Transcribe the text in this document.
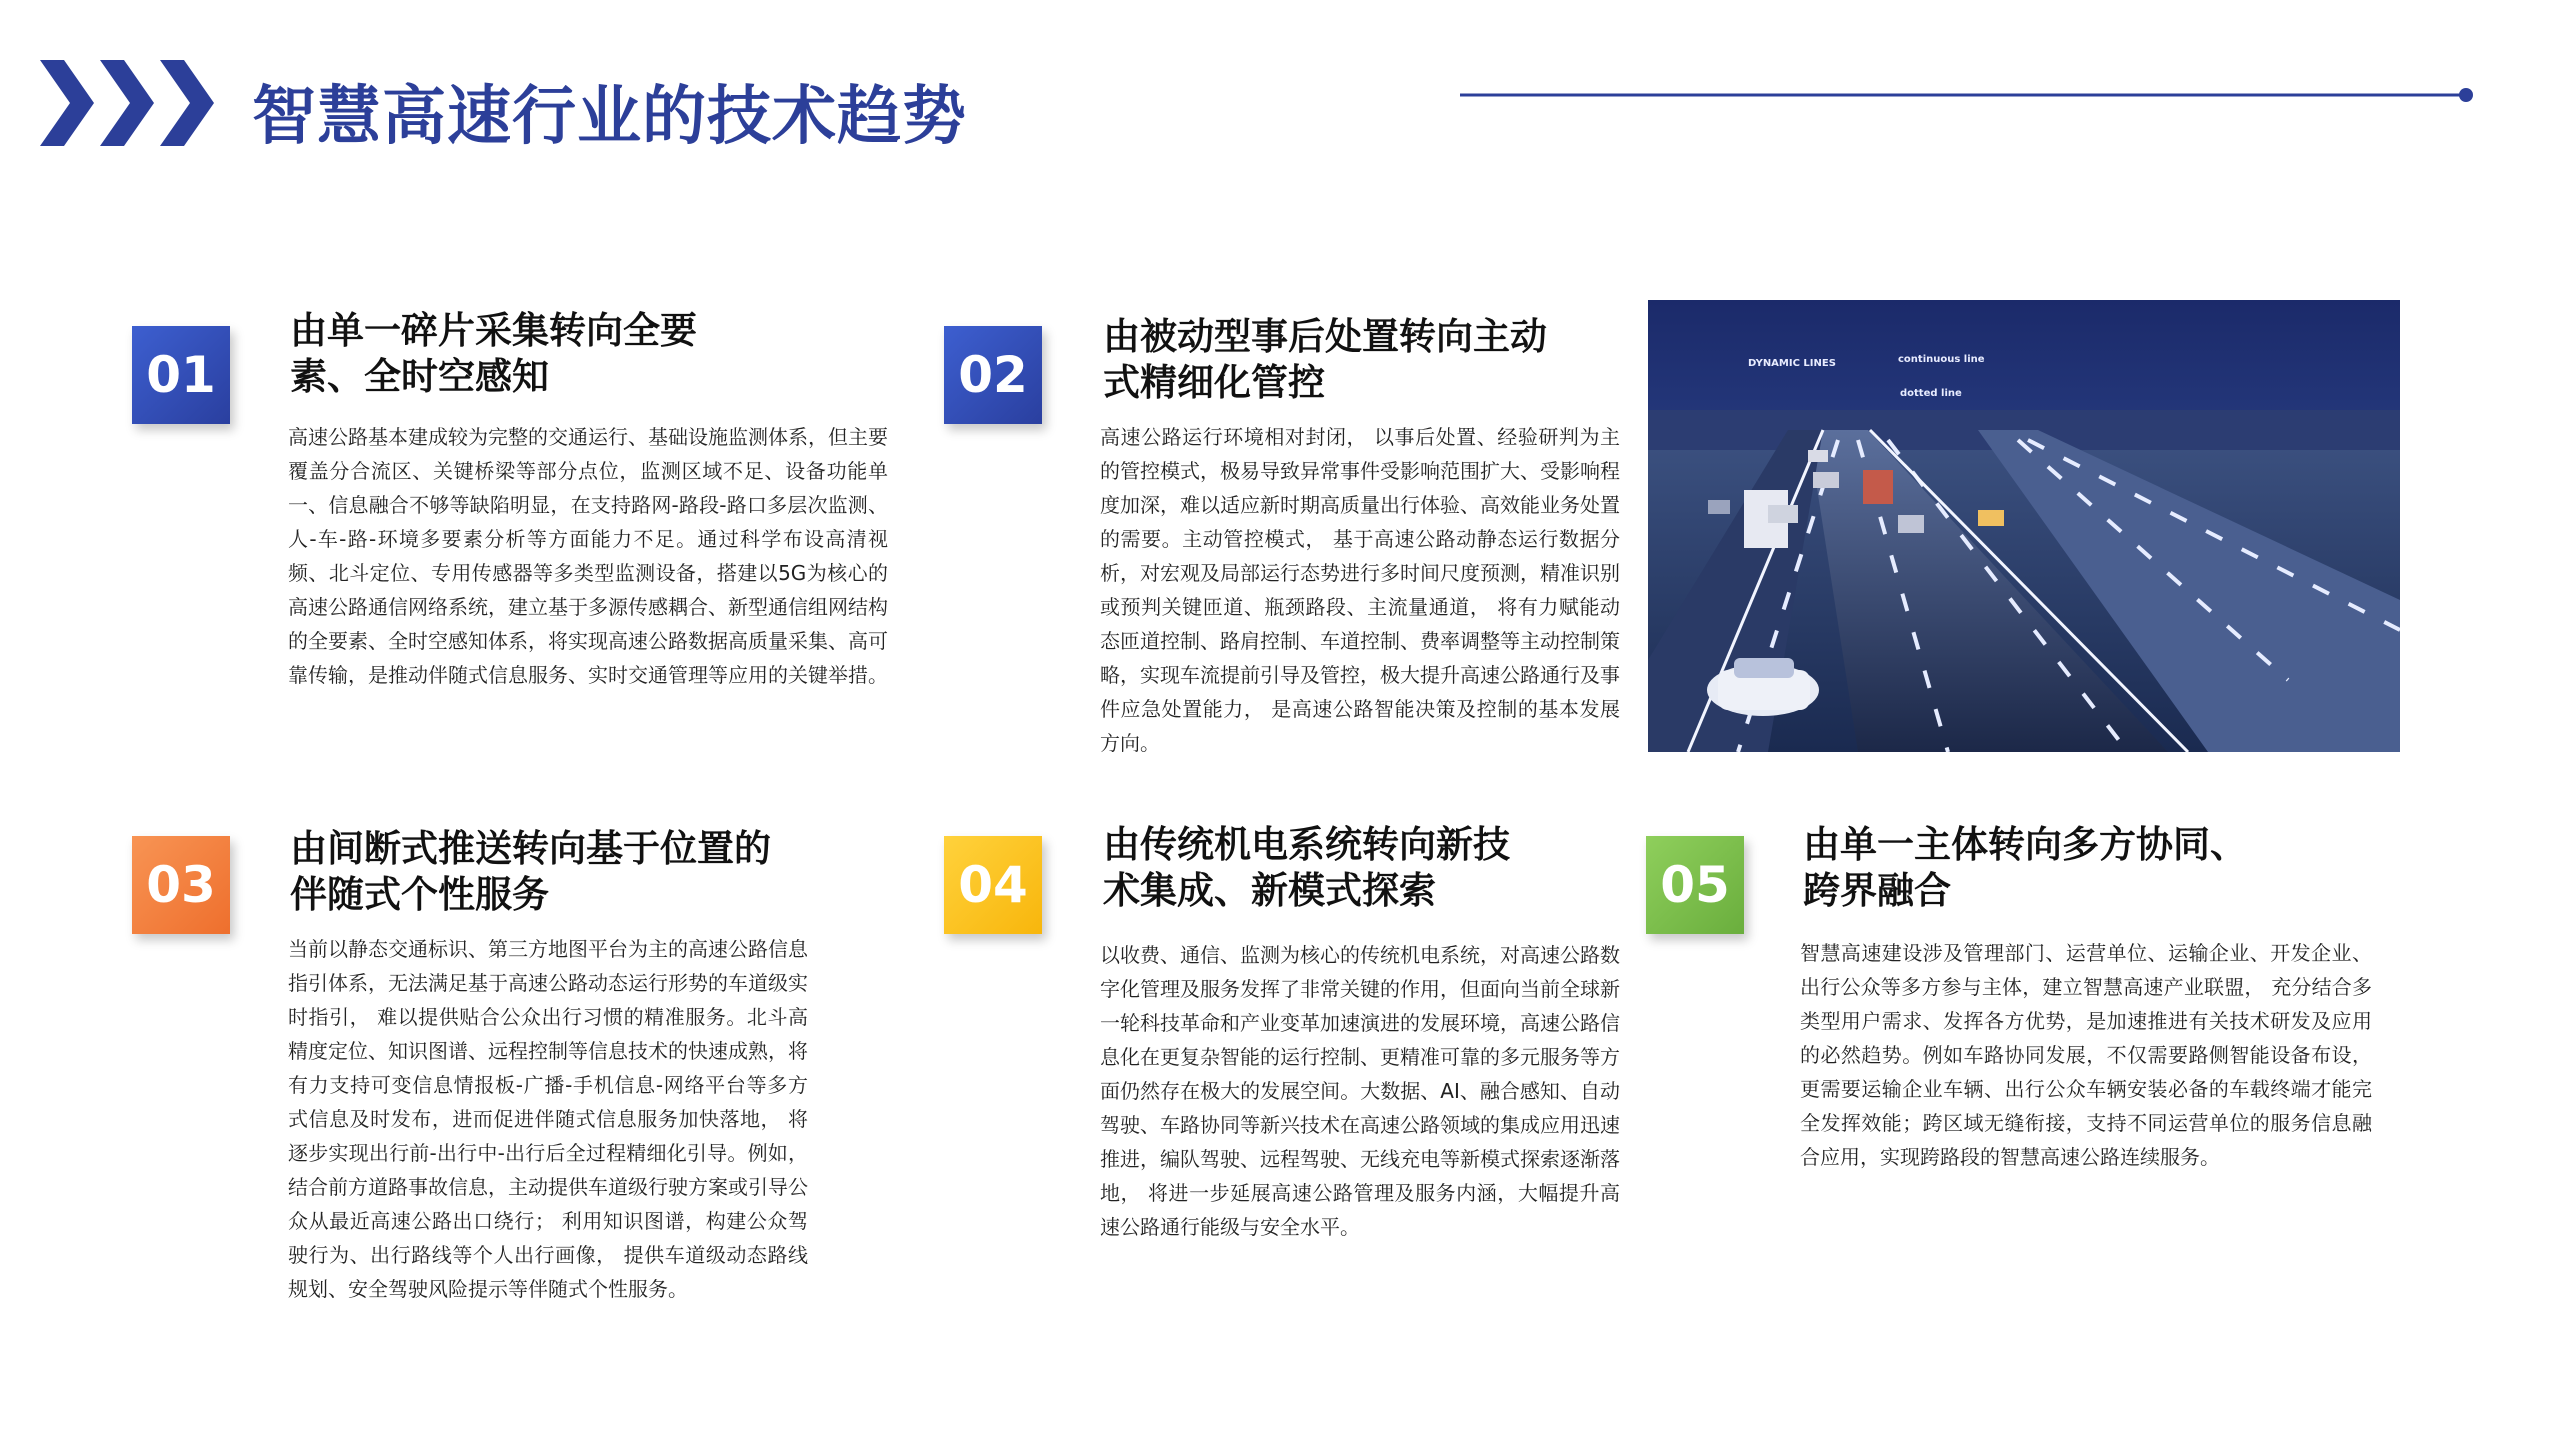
智慧高速行业的技术趋势
01
由单一碎片采集转向全要
素、全时空感知
高速公路基本建成较为完整的交通运行、基础设施监测体系，但主要覆盖分合流区、关键桥梁等部分点位，监测区域不足、设备功能单一、信息融合不够等缺陷明显，在支持路网-路段-路口多层次监测、人-车-路-环境多要素分析等方面能力不足。通过科学布设高清视频、北斗定位、专用传感器等多类型监测设备，搭建以5G为核心的高速公路通信网络系统，建立基于多源传感耦合、新型通信组网结构的全要素、全时空感知体系，将实现高速公路数据高质量采集、高可靠传输，是推动伴随式信息服务、实时交通管理等应用的关键举措。
02
由被动型事后处置转向主动
式精细化管控
高速公路运行环境相对封闭， 以事后处置、经验研判为主的管控模式，极易导致异常事件受影响范围扩大、受影响程度加深，难以适应新时期高质量出行体验、高效能业务处置的需要。主动管控模式， 基于高速公路动静态运行数据分析，对宏观及局部运行态势进行多时间尺度预测，精准识别或预判关键匝道、瓶颈路段、主流量通道， 将有力赋能动态匝道控制、路肩控制、车道控制、费率调整等主动控制策略，实现车流提前引导及管控，极大提升高速公路通行及事件应急处置能力， 是高速公路智能决策及控制的基本发展方向。
DYNAMIC LINES	continuous line
dotted line
03
由间断式推送转向基于位置的
伴随式个性服务
当前以静态交通标识、第三方地图平台为主的高速公路信息指引体系，无法满足基于高速公路动态运行形势的车道级实时指引， 难以提供贴合公众出行习惯的精准服务。北斗高精度定位、知识图谱、远程控制等信息技术的快速成熟，将有力支持可变信息情报板-广播-手机信息-网络平台等多方式信息及时发布，进而促进伴随式信息服务加快落地， 将逐步实现出行前-出行中-出行后全过程精细化引导。例如， 结合前方道路事故信息，主动提供车道级行驶方案或引导公众从最近高速公路出口绕行； 利用知识图谱，构建公众驾驶行为、出行路线等个人出行画像， 提供车道级动态路线规划、安全驾驶风险提示等伴随式个性服务。
04
由传统机电系统转向新技
术集成、新模式探索
以收费、通信、监测为核心的传统机电系统，对高速公路数字化管理及服务发挥了非常关键的作用，但面向当前全球新一轮科技革命和产业变革加速演进的发展环境，高速公路信息化在更复杂智能的运行控制、更精准可靠的多元服务等方面仍然存在极大的发展空间。大数据、AI、融合感知、自动驾驶、车路协同等新兴技术在高速公路领域的集成应用迅速推进，编队驾驶、远程驾驶、无线充电等新模式探索逐渐落地， 将进一步延展高速公路管理及服务内涵，大幅提升高速公路通行能级与安全水平。
05
由单一主体转向多方协同、
跨界融合
智慧高速建设涉及管理部门、运营单位、运输企业、开发企业、出行公众等多方参与主体，建立智慧高速产业联盟， 充分结合多类型用户需求、发挥各方优势，是加速推进有关技术研发及应用的必然趋势。例如车路协同发展，不仅需要路侧智能设备布设，更需要运输企业车辆、出行公众车辆安装必备的车载终端才能完全发挥效能；跨区域无缝衔接，支持不同运营单位的服务信息融合应用，实现跨路段的智慧高速公路连续服务。
